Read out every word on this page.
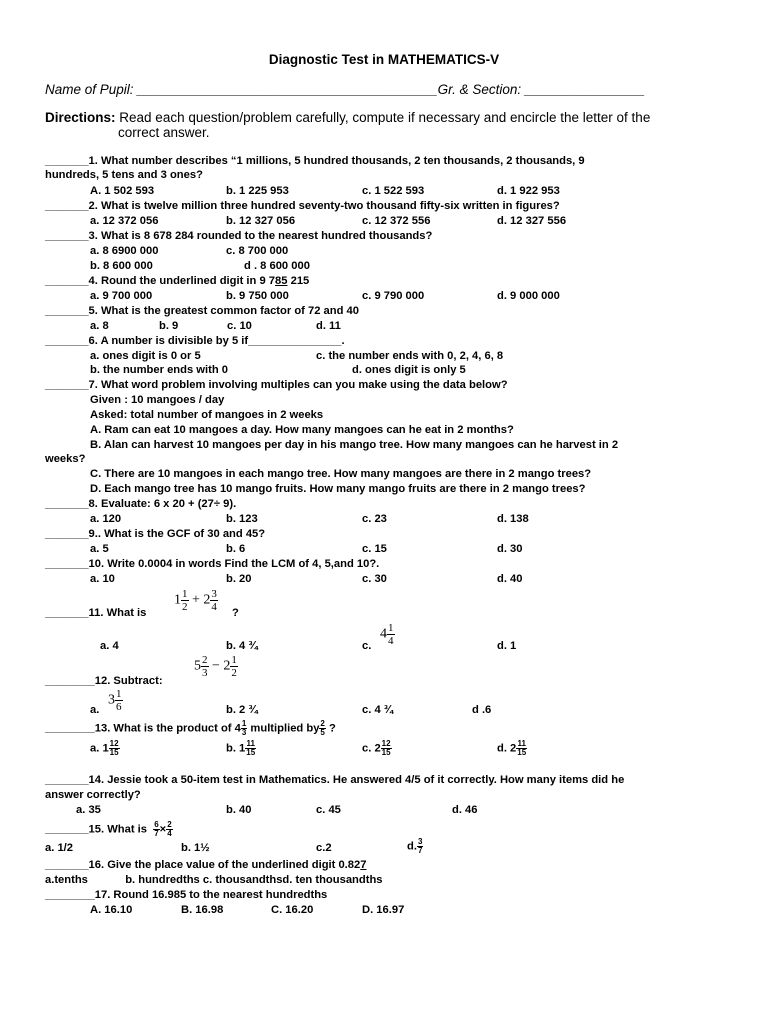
Diagnostic Test in MATHEMATICS-V
Name of Pupil: ________________________________________Gr. & Section: ________________
Directions: Read each question/problem carefully, compute if necessary and encircle the letter of the
correct answer.
_______1. What number describes “1 millions, 5 hundred thousands, 2 ten thousands, 2 thousands, 9
hundreds, 5 tens and 3 ones?
A. 1 502 593	b. 1 225 953	c. 1 522 593	d. 1 922 953
_______2. What is twelve million three hundred seventy-two thousand fifty-six written in figures?
a. 12 372 056	b. 12 327 056	c. 12 372 556	d. 12 327 556
_______3. What is 8 678 284 rounded to the nearest hundred thousands?
a. 8 6900 000	c. 8 700 000
b. 8 600 000	d . 8 600 000
_______4. Round the underlined digit in 9 785 215
a. 9 700 000	b. 9 750 000	c. 9 790 000	d. 9 000 000
_______5. What is the greatest common factor of 72 and 40
a. 8	b. 9	c. 10	d. 11
_______6. A number is divisible by 5 if_______________.
a. ones digit is 0 or 5	c. the number ends with 0, 2, 4, 6, 8
b. the number ends with 0	d. ones digit is only 5
_______7. What word problem involving multiples can you make using the data below?
Given : 10 mangoes / day
Asked: total number of mangoes in 2 weeks
A. Ram can eat 10 mangoes a day. How many mangoes can he eat in 2 months?
B. Alan can harvest 10 mangoes per day in his mango tree. How many mangoes can he harvest in 2
weeks?
C. There are 10 mangoes in each mango tree. How many mangoes are there in 2 mango trees?
D. Each mango tree has 10 mango fruits. How many mango fruits are there in 2 mango trees?
_______8. Evaluate: 6 x 20 + (27÷ 9).
a. 120	b. 123	c. 23	d. 138
_______9.. What is the GCF of 30 and 45?
a. 5	b. 6	c. 15	d. 30
_______10. Write 0.0004 in words Find the LCM of 4, 5,and 10?.
a. 10	b. 20	c. 30	d. 40
_______11. What is
$1 \frac{1}{2} + 2 \frac{3}{4}$ ?
a. 4	b. 4 ¾	c.
$4 \frac{1}{4}$	d. 1
$5 \frac{2}{3} - 2 \frac{1}{2}$
________12. Subtract:
a.
$3 \frac{1}{6}$	b. 2 ¾	c. 4 ¾	d .6
________13. What is the product of $4 \frac{1}{3}$ multiplied by $\frac{2}{5}$ ?
a. $1 \frac{12}{15}$	b. $1 \frac{11}{15}$	c. $2 \frac{12}{15}$	d. $2 \frac{11}{15}$
_______14. Jessie took a 50-item test in Mathematics. He answered 4/5 of it correctly. How many items did he
answer correctly?
a. 35	b. 40	c. 45	d. 46
_______15. What is $\frac{6}{7} \times \frac{2}{4}$
a. 1/2	b. 1½	c.2	d. $\frac{3}{7}$
_______16. Give the place value of the underlined digit 0.827
a.tenths            b. hundredths c. thousandthsd. ten thousandths
________17. Round 16.985 to the nearest hundredths
A. 16.10	B. 16.98	C. 16.20	D. 16.97
